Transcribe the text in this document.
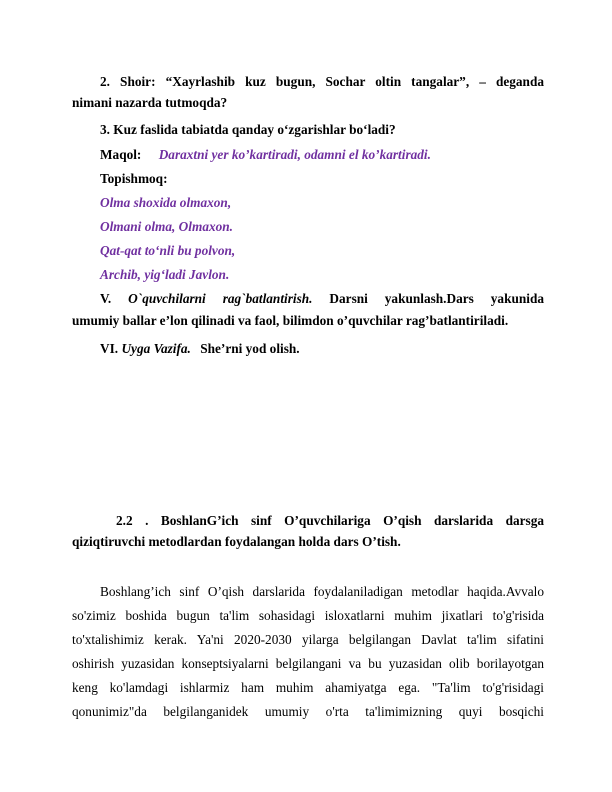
2. Shoir: “Xayrlashib kuz bugun, Sochar oltin tangalar”, – deganda
nimani nazarda tutmoqda?
3. Kuz faslida tabiatda qanday o‘zgarishlar bo‘ladi?
Maqol: Daraxtni yer ko’kartiradi, odamni el ko’kartiradi.
Topishmoq:
Olma shoxida olmaxon,
Olmani olma, Olmaxon.
Qat-qat to‘nli bu polvon,
Archib, yig‘ladi Javlon.
V. O`quvchilarni rag`batlantirish. Darsni yakunlash.Dars yakunida
umumiy ballar e’lon qilinadi va faol, bilimdon o’quvchilar rag’batlantiriladi.
VI. Uyga Vazifa. She’rni yod olish.
2.2 . BoshlanG’ich sinf O’quvchilariga O’qish darslarida darsga
qiziqtiruvchi metodlardan foydalangan holda dars O’tish.
Boshlang’ich sinf O’qish darslarida foydalaniladigan metodlar haqida.Avvalo
so'zimiz boshida bugun ta'lim sohasidagi isloxatlarni muhim jixatlari to'g'risida
to'xtalishimiz kerak. Ya'ni 2020-2030 yilarga belgilangan Davlat ta'lim sifatini
oshirish yuzasidan konseptsiyalarni belgilangani va bu yuzasidan olib borilayotgan
keng ko'lamdagi ishlarmiz ham muhim ahamiyatga ega. "Ta'lim to'g'risidagi
qonunimiz"da belgilanganidek umumiy o'rta ta'limimizning quyi bosqichi
